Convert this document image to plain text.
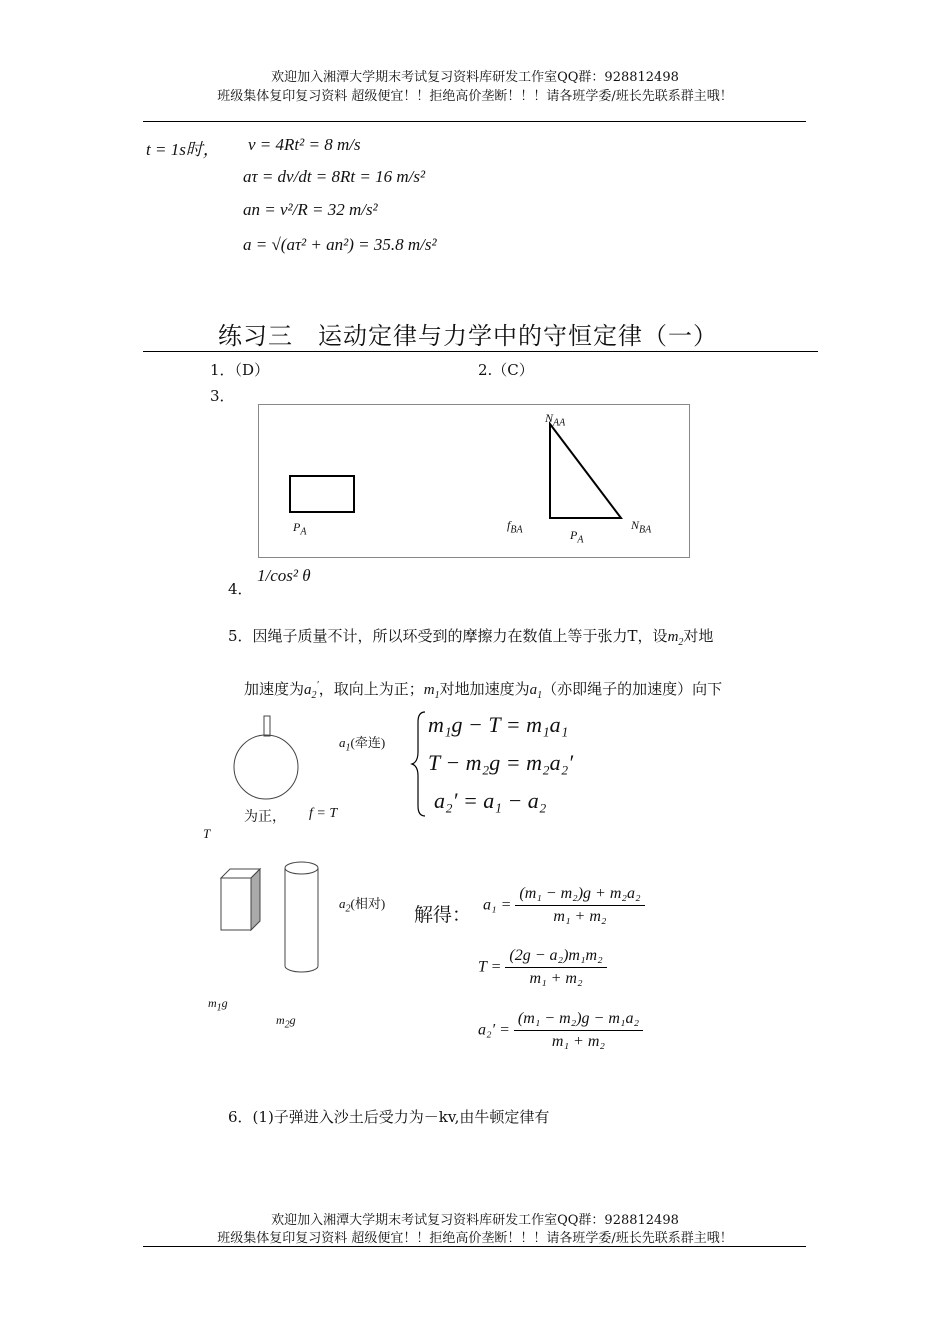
欢迎加入湘潭大学期末考试复习资料库研发工作室QQ群：928812498
班级集体复印复习资料 超级便宜！！拒绝高价垄断！！！请各班学委/班长先联系群主哦！
t = 1s时， v = 4Rt² = 8 m/s
aτ = dv/dt = 8Rt = 16 m/s²
an = v²/R = 32 m/s²
a = √(aτ² + an²) = 35.8 m/s²
练习三　运动定律与力学中的守恒定律（一）
1．（D）	2.（C）
3．
$P_A$
$N_{AA}$
$f_{BA}$	$P_A$
$N_{BA}$
4．
1/cos² θ
5．因绳子质量不计，所以环受到的摩擦力在数值上等于张力T，设$m_2$对地
加速度为$a_2'$，取向上为正；$m_1$对地加速度为$a_1$（亦即绳子的加速度）向下
$a_1$(牵连)
为正， f = T
T
$a_2$(相对)
$m_1g$
$m_2g$
m₁g − T = m₁a₁
T − m₂g = m₂a₂′
a₂′ = a₁ − a₂
解得： $a_1 = \frac{\text{(m₁ − m₂)g + m₂a₂}}{\text{m₁ + m₂}}$
$T = \frac{\text{(2g − a₂)m₁m₂}}{\text{m₁ + m₂}}$
$a_2' = \frac{\text{(m₁ − m₂)g − m₁a₂}}{\text{m₁ + m₂}}$
6．(1)子弹进入沙土后受力为－kv,由牛顿定律有
欢迎加入湘潭大学期末考试复习资料库研发工作室QQ群：928812498
班级集体复印复习资料 超级便宜！！拒绝高价垄断！！！请各班学委/班长先联系群主哦！
